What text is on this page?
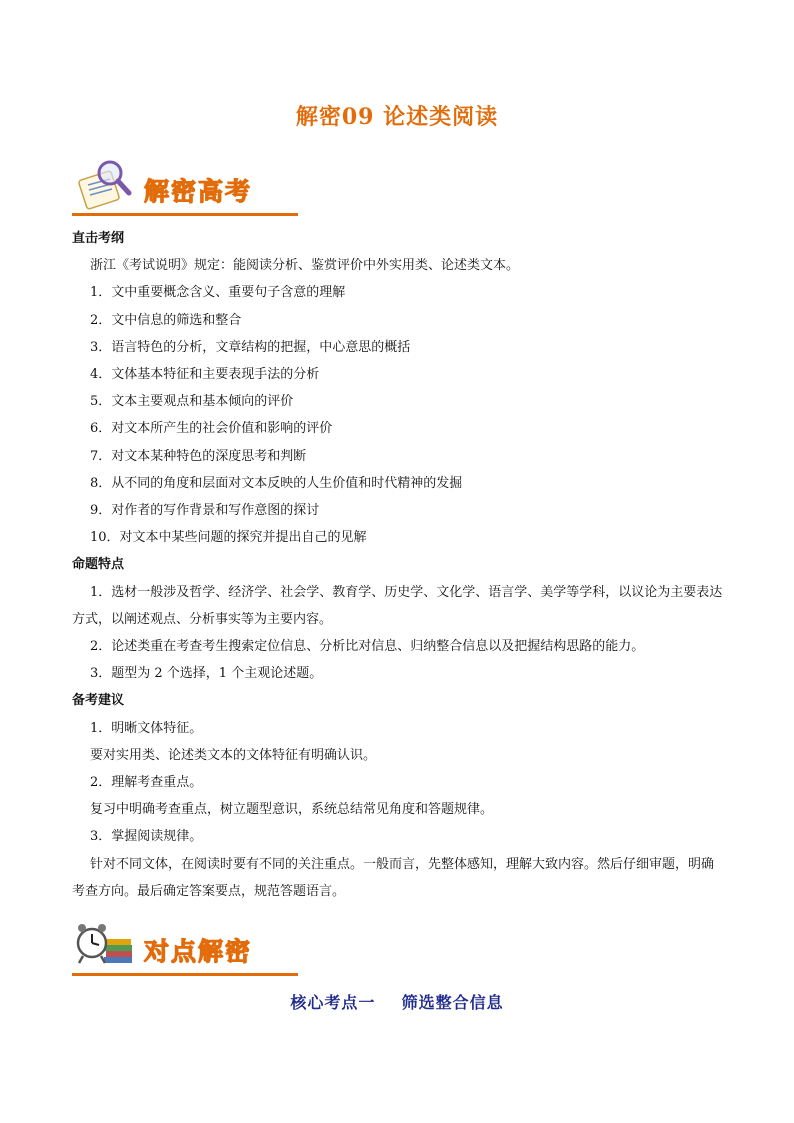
解密09 论述类阅读
解密高考
直击考纲
浙江《考试说明》规定：能阅读分析、鉴赏评价中外实用类、论述类文本。
1．文中重要概念含义、重要句子含意的理解
2．文中信息的筛选和整合
3．语言特色的分析，文章结构的把握，中心意思的概括
4．文体基本特征和主要表现手法的分析
5．文本主要观点和基本倾向的评价
6．对文本所产生的社会价值和影响的评价
7．对文本某种特色的深度思考和判断
8．从不同的角度和层面对文本反映的人生价值和时代精神的发掘
9．对作者的写作背景和写作意图的探讨
10．对文本中某些问题的探究并提出自己的见解
命题特点
1．选材一般涉及哲学、经济学、社会学、教育学、历史学、文化学、语言学、美学等学科，以议论为主要表达方式，以阐述观点、分析事实等为主要内容。
2．论述类重在考查考生搜索定位信息、分析比对信息、归纳整合信息以及把握结构思路的能力。
3．题型为 2 个选择，1 个主观论述题。
备考建议
1．明晰文体特征。
要对实用类、论述类文本的文体特征有明确认识。
2．理解考查重点。
复习中明确考查重点，树立题型意识，系统总结常见角度和答题规律。
3．掌握阅读规律。
针对不同文体，在阅读时要有不同的关注重点。一般而言，先整体感知，理解大致内容。然后仔细审题，明确考查方向。最后确定答案要点，规范答题语言。
对点解密
核心考点一 筛选整合信息
